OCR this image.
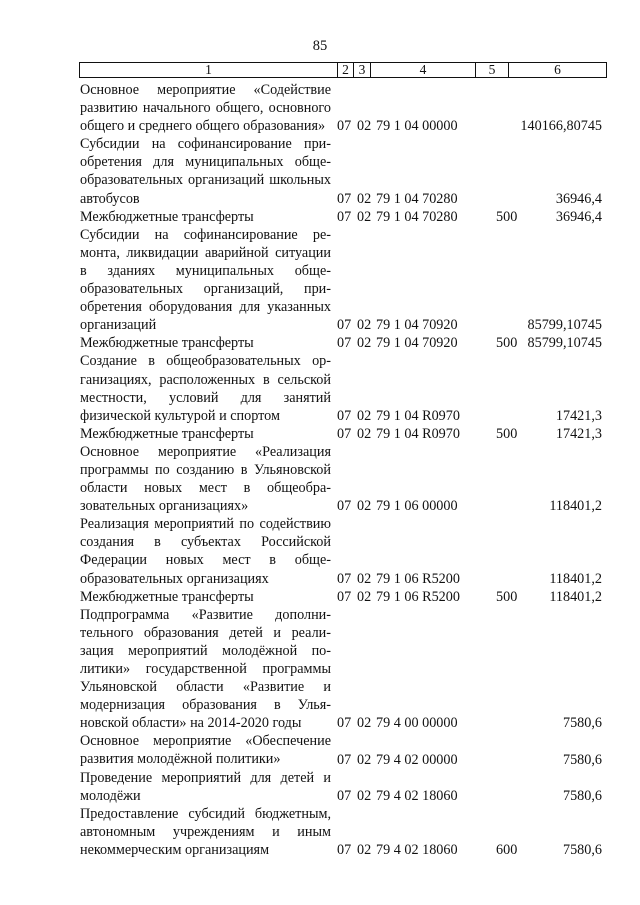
85
1	2 3	4	5	6
Основное мероприятие «Содействие развитию начального общего, основного общего и среднего общего образования» 07 02 79 1 04 00000	140166,80745
Субсидии на софинансирование приобретения для муниципальных общеобразовательных организаций школьных автобусов	07 02 79 1 04 70280	36946,4
Межбюджетные трансферты	07 02 79 1 04 70280	500	36946,4
Субсидии на софинансирование ремонта, ликвидации аварийной ситуации в зданиях муниципальных общеобразовательных организаций, приобретения оборудования для указанных организаций	07 02 79 1 04 70920	85799,10745
Межбюджетные трансферты	07 02 79 1 04 70920	500 85799,10745
Создание в общеобразовательных организациях, расположенных в сельской местности, условий для занятий физической культурой и спортом	07 02 79 1 04 R0970	17421,3
Межбюджетные трансферты	07 02 79 1 04 R0970	500	17421,3
Основное мероприятие «Реализация программы по созданию в Ульяновской области новых мест в общеобразовательных организациях»	07 02 79 1 06 00000	118401,2
Реализация мероприятий по содействию создания в субъектах Российской Федерации новых мест в общеобразовательных организациях	07 02 79 1 06 R5200	118401,2
Межбюджетные трансферты	07 02 79 1 06 R5200	500 118401,2
Подпрограмма «Развитие дополнительного образования детей и реализация мероприятий молодёжной политики» государственной программы Ульяновской области «Развитие и модернизация образования в Ульяновской области» на 2014-2020 годы	07 02 79 4 00 00000	7580,6
Основное мероприятие «Обеспечение развития молодёжной политики»	07 02 79 4 02 00000	7580,6
Проведение мероприятий для детей и молодёжи	07 02 79 4 02 18060	7580,6
Предоставление субсидий бюджетным, автономным учреждениям и иным некоммерческим организациям	07 02 79 4 02 18060	600	7580,6
